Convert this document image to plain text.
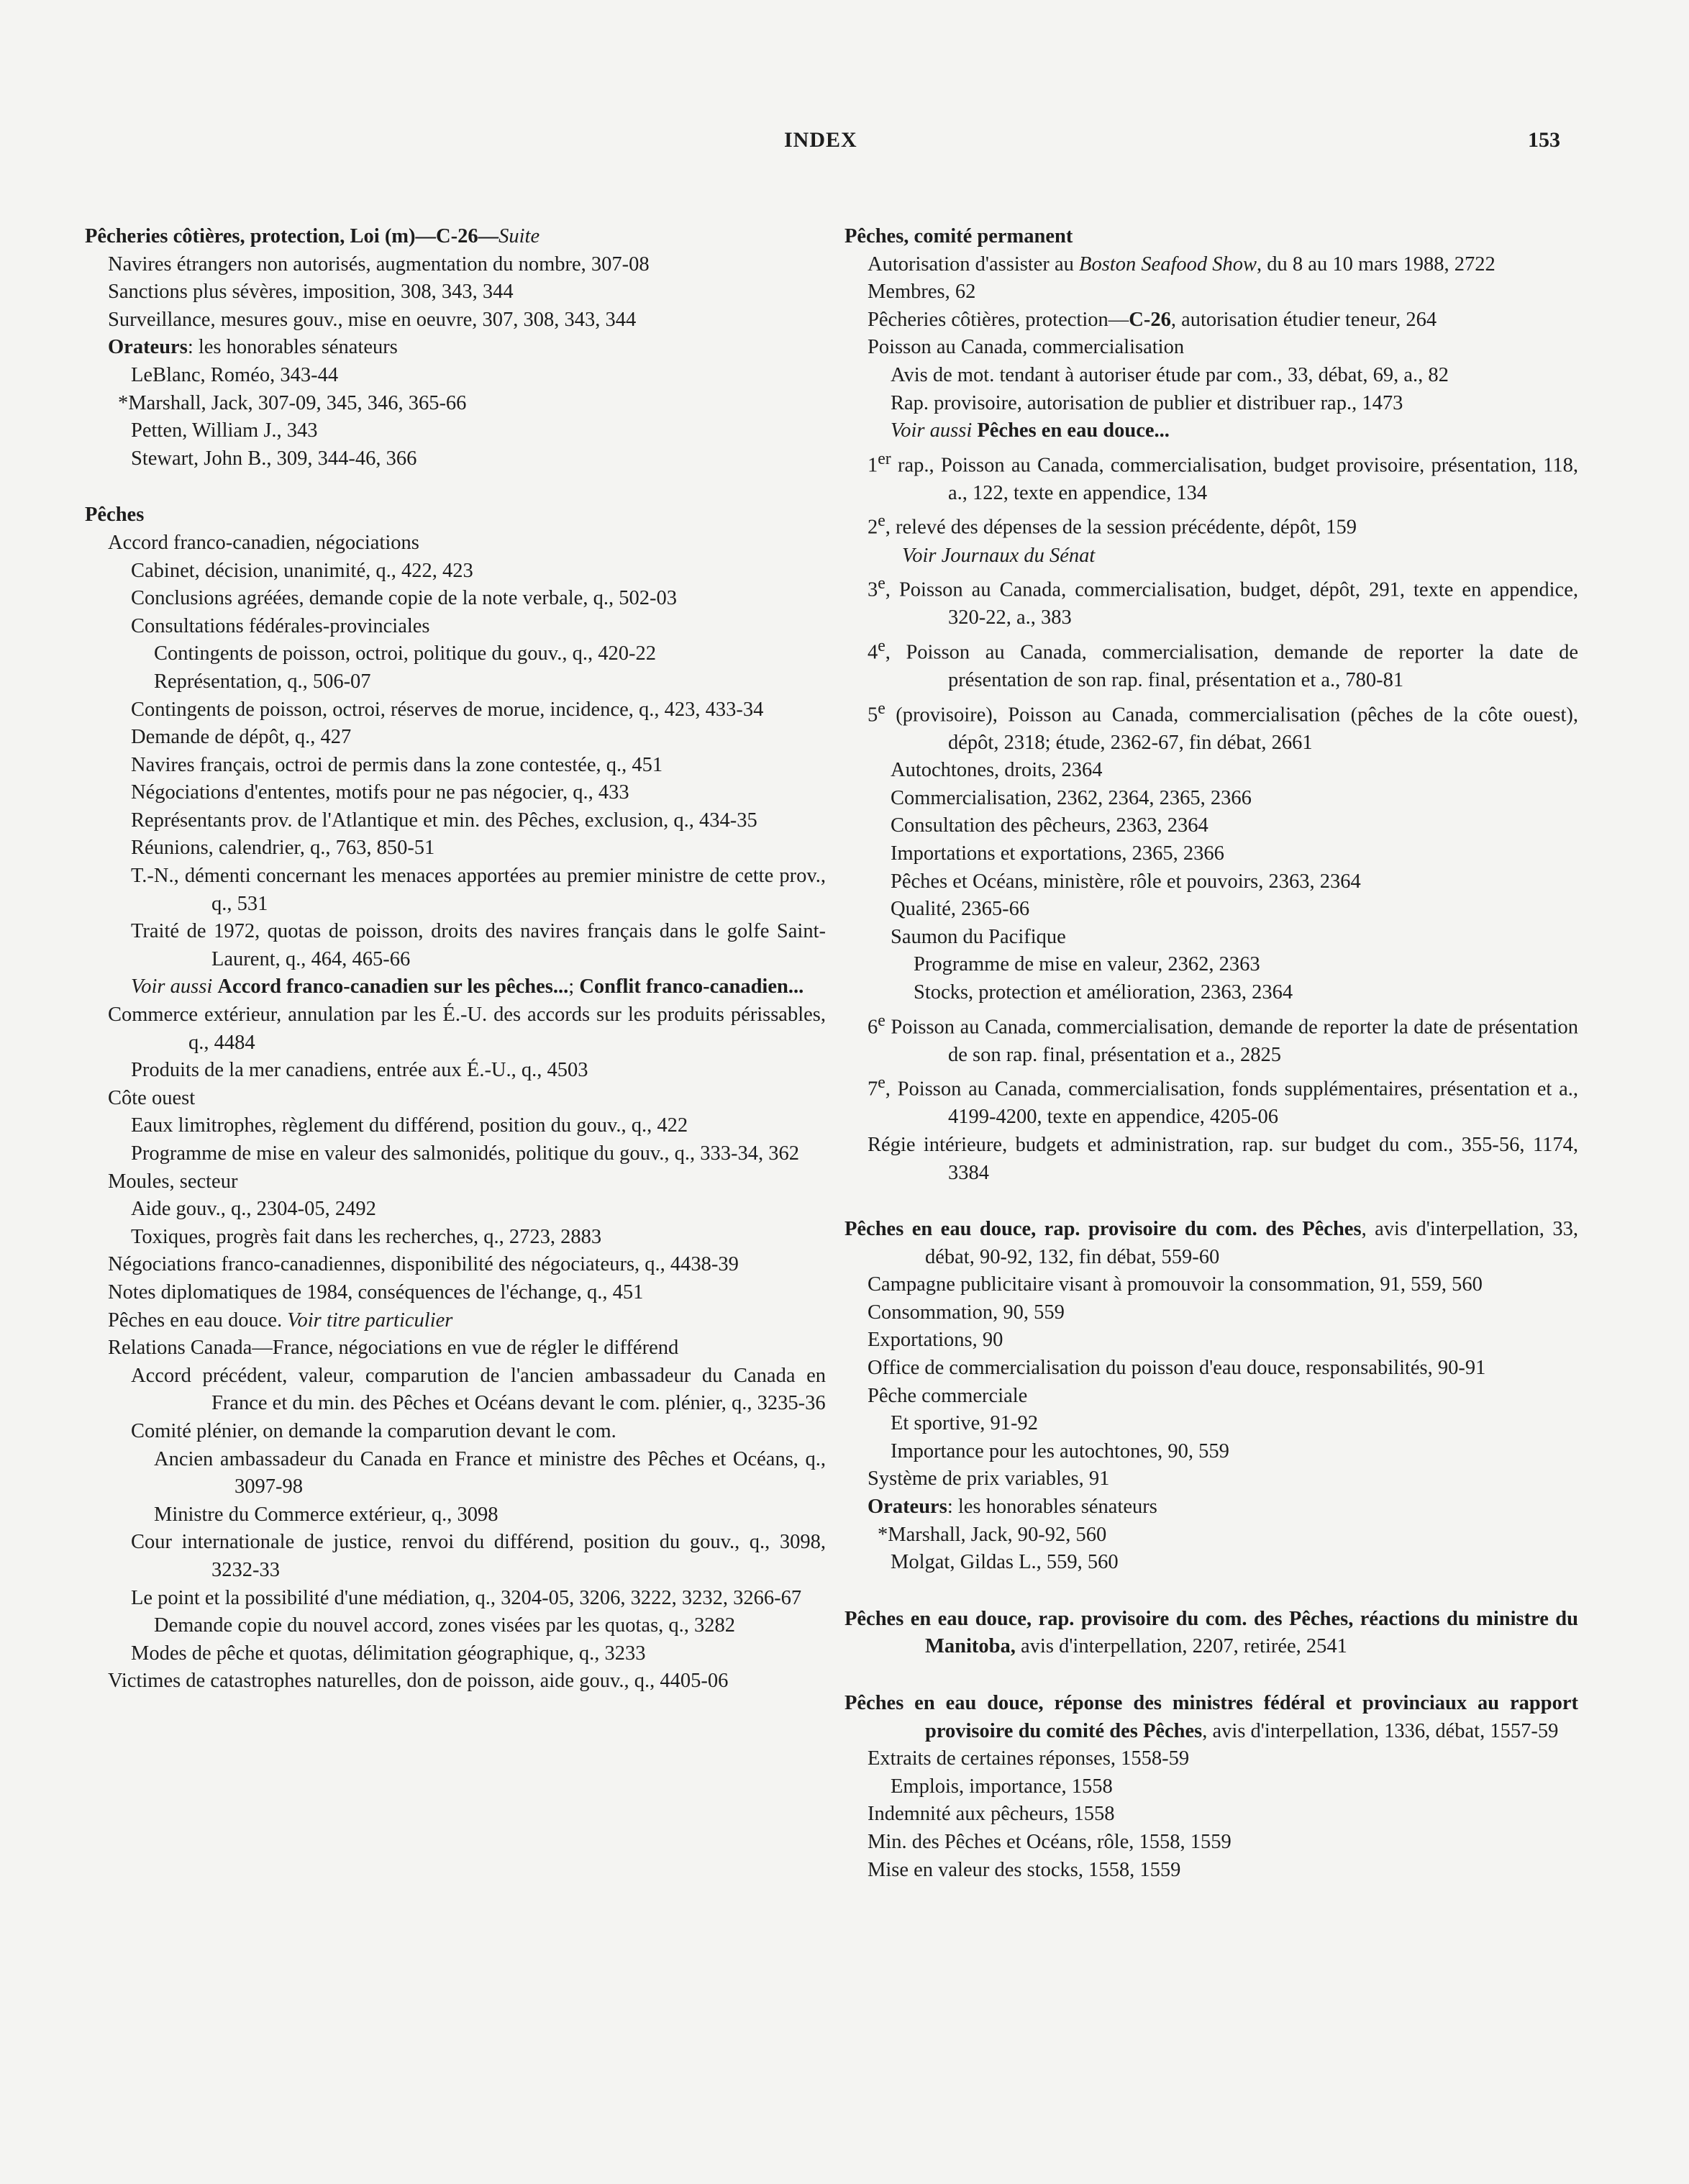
INDEX	153
Pêcheries côtières, protection, Loi (m)—C-26—Suite
Navires étrangers non autorisés, augmentation du nombre, 307-08
Sanctions plus sévères, imposition, 308, 343, 344
Surveillance, mesures gouv., mise en oeuvre, 307, 308, 343, 344
Orateurs: les honorables sénateurs
LeBlanc, Roméo, 343-44
*Marshall, Jack, 307-09, 345, 346, 365-66
Petten, William J., 343
Stewart, John B., 309, 344-46, 366
Pêches
Accord franco-canadien, négociations
Cabinet, décision, unanimité, q., 422, 423
Conclusions agréées, demande copie de la note verbale, q., 502-03
Consultations fédérales-provinciales
Contingents de poisson, octroi, politique du gouv., q., 420-22
Représentation, q., 506-07
Contingents de poisson, octroi, réserves de morue, incidence, q., 423, 433-34
Demande de dépôt, q., 427
Navires français, octroi de permis dans la zone contestée, q., 451
Négociations d'ententes, motifs pour ne pas négocier, q., 433
Représentants prov. de l'Atlantique et min. des Pêches, exclusion, q., 434-35
Réunions, calendrier, q., 763, 850-51
T.-N., démenti concernant les menaces apportées au premier ministre de cette prov., q., 531
Traité de 1972, quotas de poisson, droits des navires français dans le golfe Saint-Laurent, q., 464, 465-66
Voir aussi Accord franco-canadien sur les pêches...; Conflit franco-canadien...
Commerce extérieur, annulation par les É.-U. des accords sur les produits périssables, q., 4484
Produits de la mer canadiens, entrée aux É.-U., q., 4503
Côte ouest
Eaux limitrophes, règlement du différend, position du gouv., q., 422
Programme de mise en valeur des salmonidés, politique du gouv., q., 333-34, 362
Moules, secteur
Aide gouv., q., 2304-05, 2492
Toxiques, progrès fait dans les recherches, q., 2723, 2883
Négociations franco-canadiennes, disponibilité des négociateurs, q., 4438-39
Notes diplomatiques de 1984, conséquences de l'échange, q., 451
Pêches en eau douce. Voir titre particulier
Relations Canada—France, négociations en vue de régler le différend
Accord précédent, valeur, comparution de l'ancien ambassadeur du Canada en France et du min. des Pêches et Océans devant le com. plénier, q., 3235-36
Comité plénier, on demande la comparution devant le com.
Ancien ambassadeur du Canada en France et ministre des Pêches et Océans, q., 3097-98
Ministre du Commerce extérieur, q., 3098
Cour internationale de justice, renvoi du différend, position du gouv., q., 3098, 3232-33
Le point et la possibilité d'une médiation, q., 3204-05, 3206, 3222, 3232, 3266-67
Demande copie du nouvel accord, zones visées par les quotas, q., 3282
Modes de pêche et quotas, délimitation géographique, q., 3233
Victimes de catastrophes naturelles, don de poisson, aide gouv., q., 4405-06
Pêches, comité permanent
Autorisation d'assister au Boston Seafood Show, du 8 au 10 mars 1988, 2722
Membres, 62
Pêcheries côtières, protection—C-26, autorisation étudier teneur, 264
Poisson au Canada, commercialisation
Avis de mot. tendant à autoriser étude par com., 33, débat, 69, a., 82
Rap. provisoire, autorisation de publier et distribuer rap., 1473
Voir aussi Pêches en eau douce...
1er rap., Poisson au Canada, commercialisation, budget provisoire, présentation, 118, a., 122, texte en appendice, 134
2e, relevé des dépenses de la session précédente, dépôt, 159
Voir Journaux du Sénat
3e, Poisson au Canada, commercialisation, budget, dépôt, 291, texte en appendice, 320-22, a., 383
4e, Poisson au Canada, commercialisation, demande de reporter la date de présentation de son rap. final, présentation et a., 780-81
5e (provisoire), Poisson au Canada, commercialisation (pêches de la côte ouest), dépôt, 2318; étude, 2362-67, fin débat, 2661
Autochtones, droits, 2364
Commercialisation, 2362, 2364, 2365, 2366
Consultation des pêcheurs, 2363, 2364
Importations et exportations, 2365, 2366
Pêches et Océans, ministère, rôle et pouvoirs, 2363, 2364
Qualité, 2365-66
Saumon du Pacifique
Programme de mise en valeur, 2362, 2363
Stocks, protection et amélioration, 2363, 2364
6e Poisson au Canada, commercialisation, demande de reporter la date de présentation de son rap. final, présentation et a., 2825
7e, Poisson au Canada, commercialisation, fonds supplémentaires, présentation et a., 4199-4200, texte en appendice, 4205-06
Régie intérieure, budgets et administration, rap. sur budget du com., 355-56, 1174, 3384
Pêches en eau douce, rap. provisoire du com. des Pêches, avis d'interpellation, 33, débat, 90-92, 132, fin débat, 559-60
Campagne publicitaire visant à promouvoir la consommation, 91, 559, 560
Consommation, 90, 559
Exportations, 90
Office de commercialisation du poisson d'eau douce, responsabilités, 90-91
Pêche commerciale
Et sportive, 91-92
Importance pour les autochtones, 90, 559
Système de prix variables, 91
Orateurs: les honorables sénateurs
*Marshall, Jack, 90-92, 560
Molgat, Gildas L., 559, 560
Pêches en eau douce, rap. provisoire du com. des Pêches, réactions du ministre du Manitoba, avis d'interpellation, 2207, retirée, 2541
Pêches en eau douce, réponse des ministres fédéral et provinciaux au rapport provisoire du comité des Pêches, avis d'interpellation, 1336, débat, 1557-59
Extraits de certaines réponses, 1558-59
Emplois, importance, 1558
Indemnité aux pêcheurs, 1558
Min. des Pêches et Océans, rôle, 1558, 1559
Mise en valeur des stocks, 1558, 1559
